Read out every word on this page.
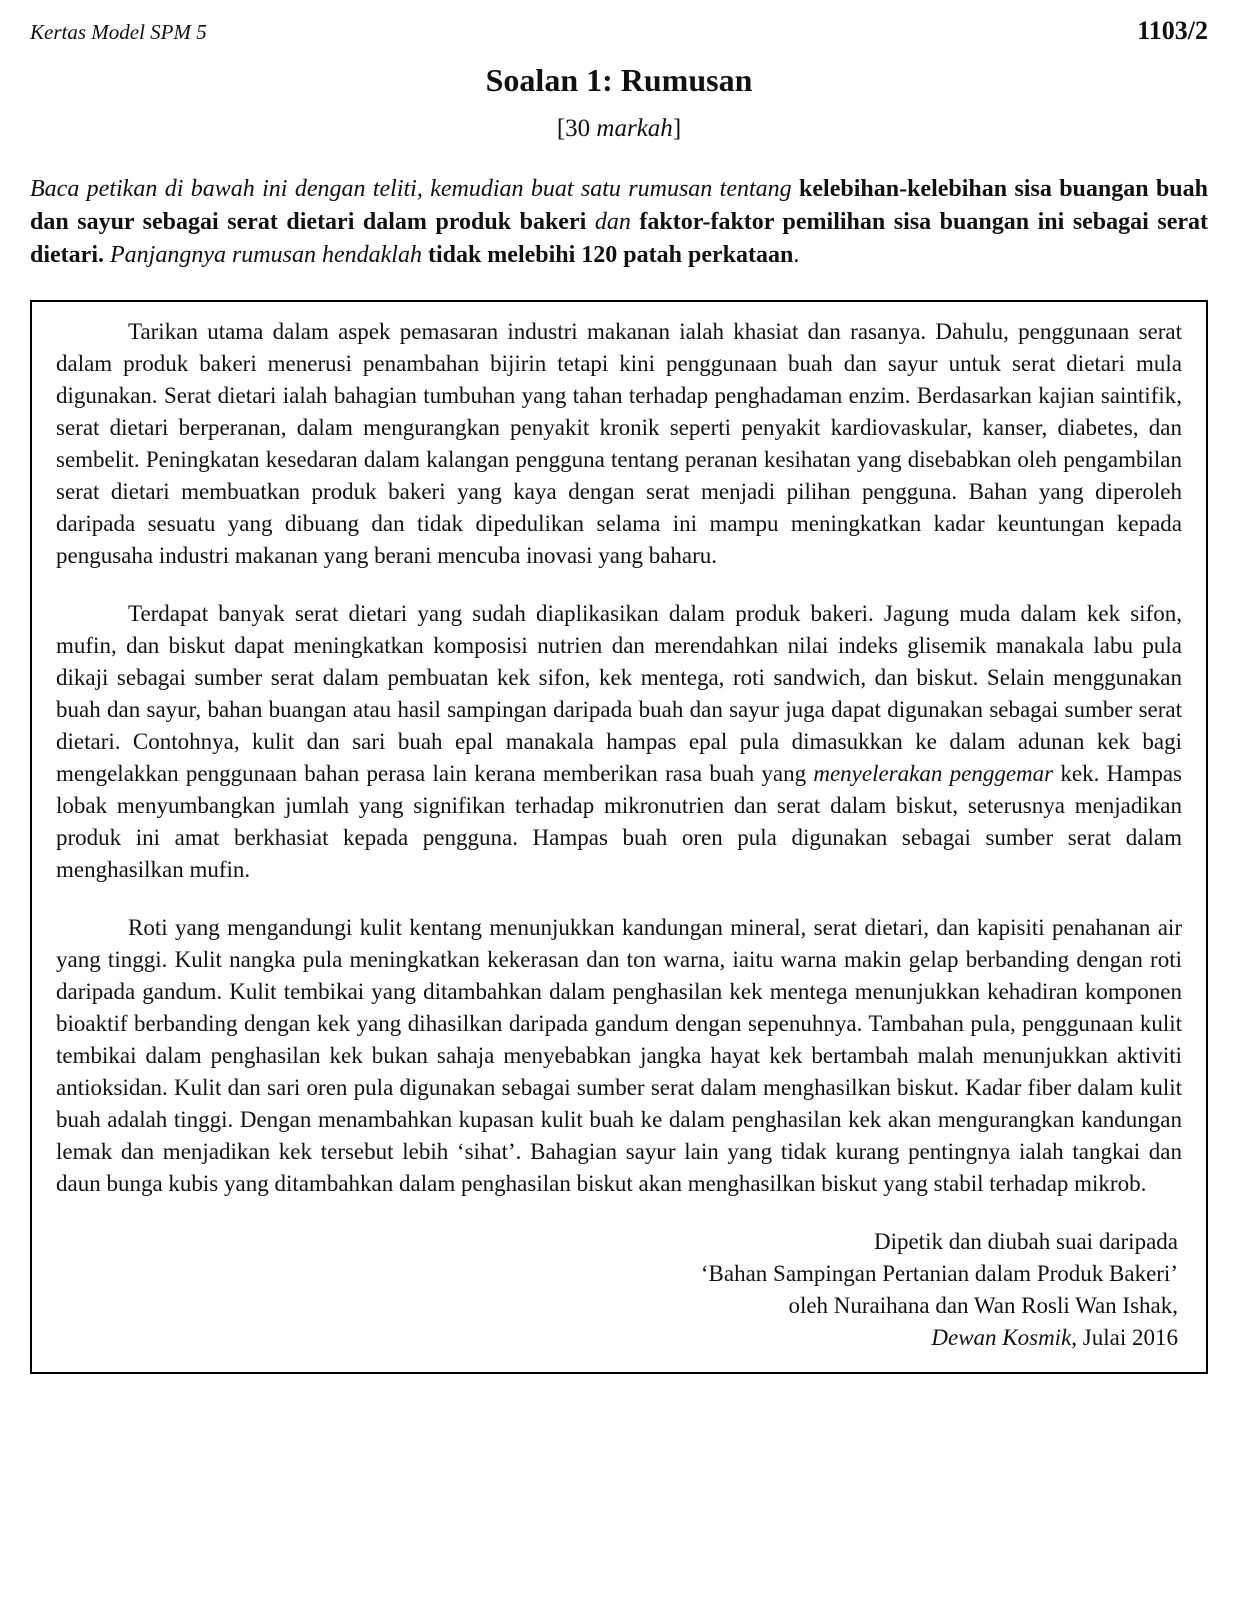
Kertas Model SPM 5	1103/2
Soalan 1: Rumusan
[30 markah]

Baca petikan di bawah ini dengan teliti, kemudian buat satu rumusan tentang kelebihan-kelebihan sisa buangan buah dan sayur sebagai serat dietari dalam produk bakeri dan faktor-faktor pemilihan sisa buangan ini sebagai serat dietari. Panjangnya rumusan hendaklah tidak melebihi 120 patah perkataan.

Tarikan utama dalam aspek pemasaran industri makanan ialah khasiat dan rasanya. Dahulu, penggunaan serat dalam produk bakeri menerusi penambahan bijirin tetapi kini penggunaan buah dan sayur untuk serat dietari mula digunakan. Serat dietari ialah bahagian tumbuhan yang tahan terhadap penghadaman enzim. Berdasarkan kajian saintifik, serat dietari berperanan, dalam mengurangkan penyakit kronik seperti penyakit kardiovaskular, kanser, diabetes, dan sembelit. Peningkatan kesedaran dalam kalangan pengguna tentang peranan kesihatan yang disebabkan oleh pengambilan serat dietari membuatkan produk bakeri yang kaya dengan serat menjadi pilihan pengguna. Bahan yang diperoleh daripada sesuatu yang dibuang dan tidak dipedulikan selama ini mampu meningkatkan kadar keuntungan kepada pengusaha industri makanan yang berani mencuba inovasi yang baharu.

Terdapat banyak serat dietari yang sudah diaplikasikan dalam produk bakeri. Jagung muda dalam kek sifon, mufin, dan biskut dapat meningkatkan komposisi nutrien dan merendahkan nilai indeks glisemik manakala labu pula dikaji sebagai sumber serat dalam pembuatan kek sifon, kek mentega, roti sandwich, dan biskut. Selain menggunakan buah dan sayur, bahan buangan atau hasil sampingan daripada buah dan sayur juga dapat digunakan sebagai sumber serat dietari. Contohnya, kulit dan sari buah epal manakala hampas epal pula dimasukkan ke dalam adunan kek bagi mengelakkan penggunaan bahan perasa lain kerana memberikan rasa buah yang menyelerakan penggemar kek. Hampas lobak menyumbangkan jumlah yang signifikan terhadap mikronutrien dan serat dalam biskut, seterusnya menjadikan produk ini amat berkhasiat kepada pengguna. Hampas buah oren pula digunakan sebagai sumber serat dalam menghasilkan mufin.

Roti yang mengandungi kulit kentang menunjukkan kandungan mineral, serat dietari, dan kapisiti penahanan air yang tinggi. Kulit nangka pula meningkatkan kekerasan dan ton warna, iaitu warna makin gelap berbanding dengan roti daripada gandum. Kulit tembikai yang ditambahkan dalam penghasilan kek mentega menunjukkan kehadiran komponen bioaktif berbanding dengan kek yang dihasilkan daripada gandum dengan sepenuhnya. Tambahan pula, penggunaan kulit tembikai dalam penghasilan kek bukan sahaja menyebabkan jangka hayat kek bertambah malah menunjukkan aktiviti antioksidan. Kulit dan sari oren pula digunakan sebagai sumber serat dalam menghasilkan biskut. Kadar fiber dalam kulit buah adalah tinggi. Dengan menambahkan kupasan kulit buah ke dalam penghasilan kek akan mengurangkan kandungan lemak dan menjadikan kek tersebut lebih ‘sihat’. Bahagian sayur lain yang tidak kurang pentingnya ialah tangkai dan daun bunga kubis yang ditambahkan dalam penghasilan biskut akan menghasilkan biskut yang stabil terhadap mikrob.

Dipetik dan diubah suai daripada
‘Bahan Sampingan Pertanian dalam Produk Bakeri’
oleh Nuraihana dan Wan Rosli Wan Ishak,
Dewan Kosmik, Julai 2016
